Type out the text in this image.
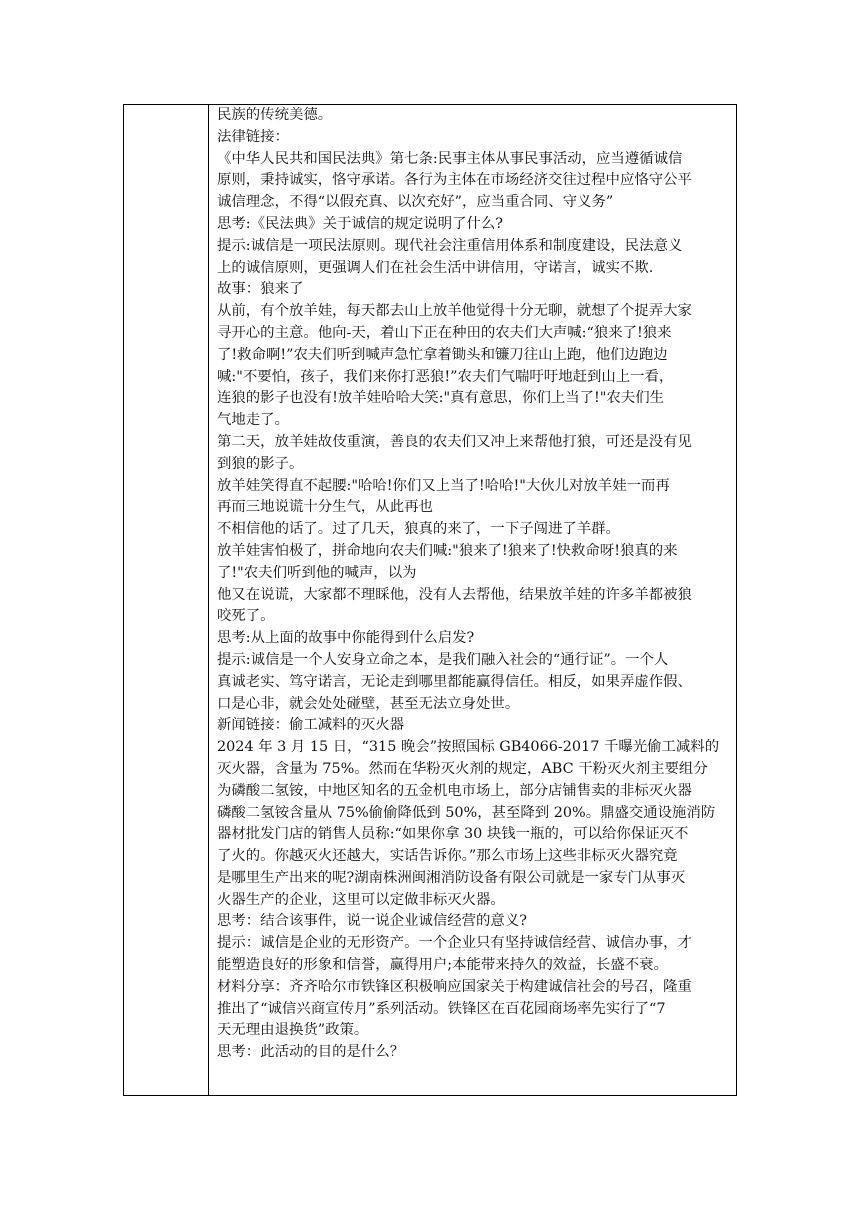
民族的传统美德。
法律链接：
《中华人民共和国民法典》第七条:民事主体从事民事活动，应当遵循诚信
原则，秉持诚实，恪守承诺。各行为主体在市场经济交往过程中应恪守公平
诚信理念，不得“以假充真、以次充好”，应当重合同、守义务”
思考:《民法典》关于诚信的规定说明了什么?
提示:诚信是一项民法原则。现代社会注重信用体系和制度建设，民法意义
上的诚信原则，更强调人们在社会生活中讲信用，守诺言，诚实不欺.
故事：狼来了
从前，有个放羊娃，每天都去山上放羊他觉得十分无聊，就想了个捉弄大家
寻开心的主意。他向-天，着山下正在种田的农夫们大声喊:“狼来了!狼来
了!救命啊!”农夫们听到喊声急忙拿着锄头和镰刀往山上跑，他们边跑边
喊:"不要怕，孩子，我们来你打恶狼!”农夫们气喘吁吁地赶到山上一看，
连狼的影子也没有!放羊娃哈哈大笑:"真有意思，你们上当了!"农夫们生
气地走了。
第二天，放羊娃故伎重演，善良的农夫们又冲上来帮他打狼，可还是没有见
到狼的影子。
放羊娃笑得直不起腰:"哈哈!你们又上当了!哈哈!"大伙儿对放羊娃一而再
再而三地说谎十分生气，从此再也
不相信他的话了。过了几天，狼真的来了，一下子闯进了羊群。
放羊娃害怕极了，拼命地向农夫们喊:"狼来了!狼来了!快救命呀!狼真的来
了!"农夫们听到他的喊声，以为
他又在说谎，大家都不理睬他，没有人去帮他，结果放羊娃的许多羊都被狼
咬死了。
思考:从上面的故事中你能得到什么启发?
提示:诚信是一个人安身立命之本，是我们融入社会的“通行证”。一个人
真诚老实、笃守诺言，无论走到哪里都能赢得信任。相反，如果弄虚作假、
口是心非，就会处处碰壁，甚至无法立身处世。
新闻链接：偷工减料的灭火器
2024 年 3 月 15 日，“315 晚会”按照国标 GB4066-2017 千曝光偷工减料的
灭火器，含量为 75%。然而在华粉灭火剂的规定，ABC 干粉灭火剂主要组分
为磷酸二氢铵，中地区知名的五金机电市场上，部分店铺售卖的非标灭火器
磷酸二氢铵含量从 75%偷偷降低到 50%，甚至降到 20%。鼎盛交通设施消防
器材批发门店的销售人员称:“如果你拿 30 块钱一瓶的，可以给你保证灭不
了火的。你越灭火还越大，实话告诉你。”那么市场上这些非标灭火器究竟
是哪里生产出来的呢?湖南株洲闽湘消防设备有限公司就是一家专门从事灭
火器生产的企业，这里可以定做非标灭火器。
思考：结合该事件，说一说企业诚信经营的意义?
提示：诚信是企业的无形资产。一个企业只有坚持诚信经营、诚信办事，才
能塑造良好的形象和信誉，赢得用户;本能带来持久的效益，长盛不衰。
材料分享：齐齐哈尔市铁锋区积极响应国家关于构建诚信社会的号召，隆重
推出了“诚信兴商宣传月”系列活动。铁锋区在百花园商场率先实行了“7
天无理由退换货”政策。
思考：此活动的目的是什么？
